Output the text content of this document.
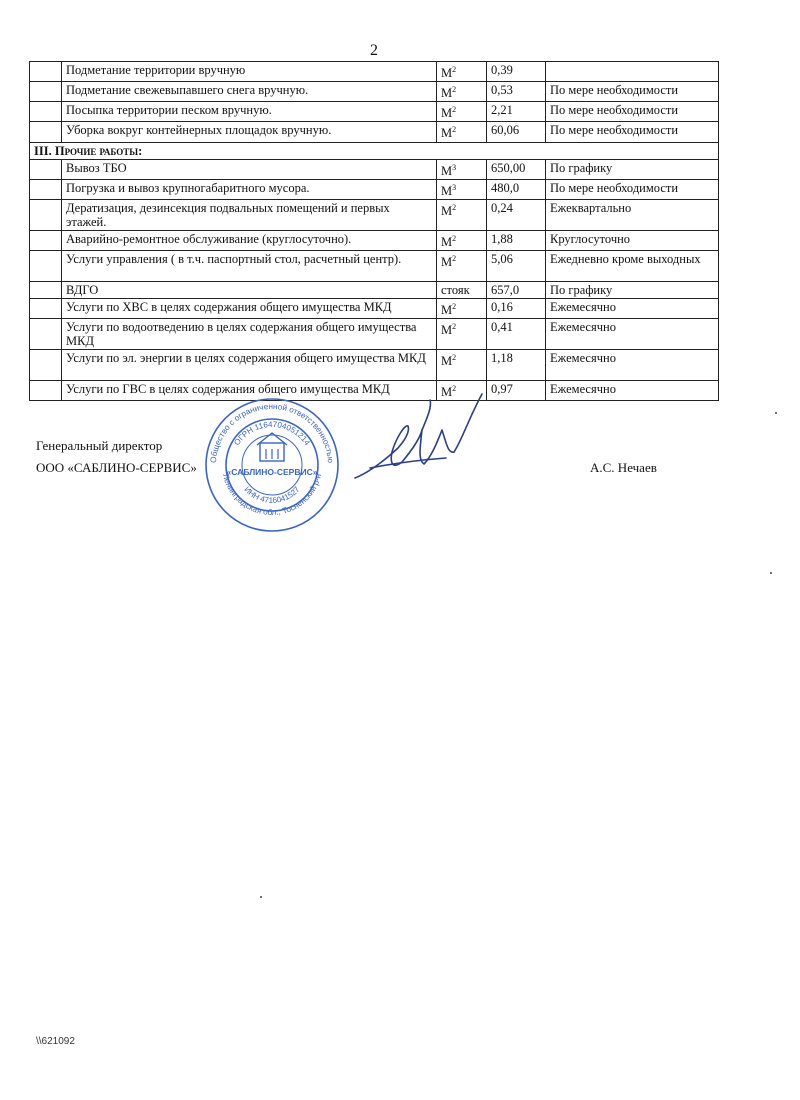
2
	Подметание территории вручную	$М^2$	0,39	
	Подметание свежевыпавшего снега вручную.	$М^2$	0,53	По мере необходимости
	Посыпка территории песком вручную.	$М^2$	2,21	По мере необходимости
	Уборка вокруг контейнерных площадок вручную.	$М^2$	60,06	По мере необходимости
III. Прочие работы:				
	Вывоз ТБО	$М^3$	650,00	По графику
	Погрузка и вывоз крупногабаритного мусора.	$М^3$	480,0	По мере необходимости
	Дератизация, дезинсекция подвальных помещений и первых этажей.	$М^2$	0,24	Ежеквартально
	Аварийно-ремонтное обслуживание (круглосуточно).	$М^2$	1,88	Круглосуточно
	Услуги управления ( в т.ч. паспортный стол, расчетный центр).	$М^2$	5,06	Ежедневно кроме выходных
	ВДГО	стояк	657,0	По графику
	Услуги по ХВС в целях содержания общего имущества МКД	$М^2$	0,16	Ежемесячно
	Услуги по водоотведению в целях содержания общего имущества МКД	$М^2$	0,41	Ежемесячно
	Услуги по эл. энергии в целях содержания общего имущества МКД	$М^2$	1,18	Ежемесячно
	Услуги по ГВС в целях содержания общего имущества МКД	$М^2$	0,97	Ежемесячно
Генеральный директор
ООО «САБЛИНО-СЕРВИС»	А.С. Нечаев
Общество с ограниченной ответственностью
Ленинградская обл., Тосненский р-н
ОГРН 1164704051214
ИНН 4716041527
«САБЛИНО-СЕРВИС»
\\621092
